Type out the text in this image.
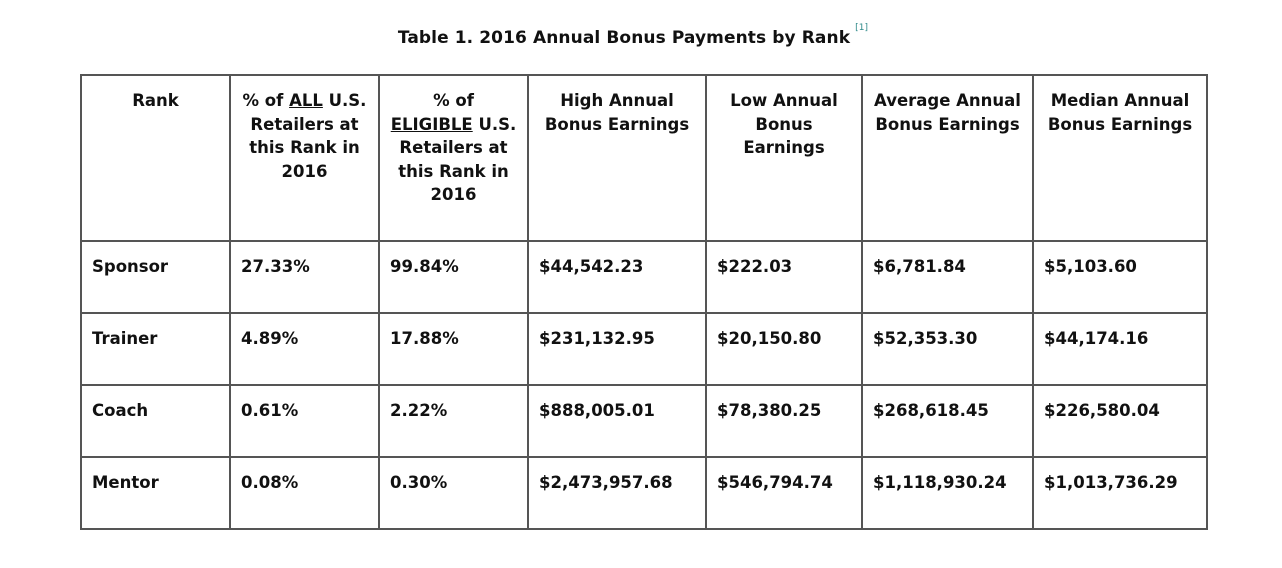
Table 1. 2016 Annual Bonus Payments by Rank [1]
Rank	% of ALL U.S. Retailers at this Rank in 2016	% of ELIGIBLE U.S. Retailers at this Rank in 2016	High Annual Bonus Earnings	Low Annual Bonus Earnings	Average Annual Bonus Earnings	Median Annual Bonus Earnings
Sponsor	27.33%	99.84%	$44,542.23	$222.03	$6,781.84	$5,103.60
Trainer	4.89%	17.88%	$231,132.95	$20,150.80	$52,353.30	$44,174.16
Coach	0.61%	2.22%	$888,005.01	$78,380.25	$268,618.45	$226,580.04
Mentor	0.08%	0.30%	$2,473,957.68	$546,794.74	$1,118,930.24	$1,013,736.29
